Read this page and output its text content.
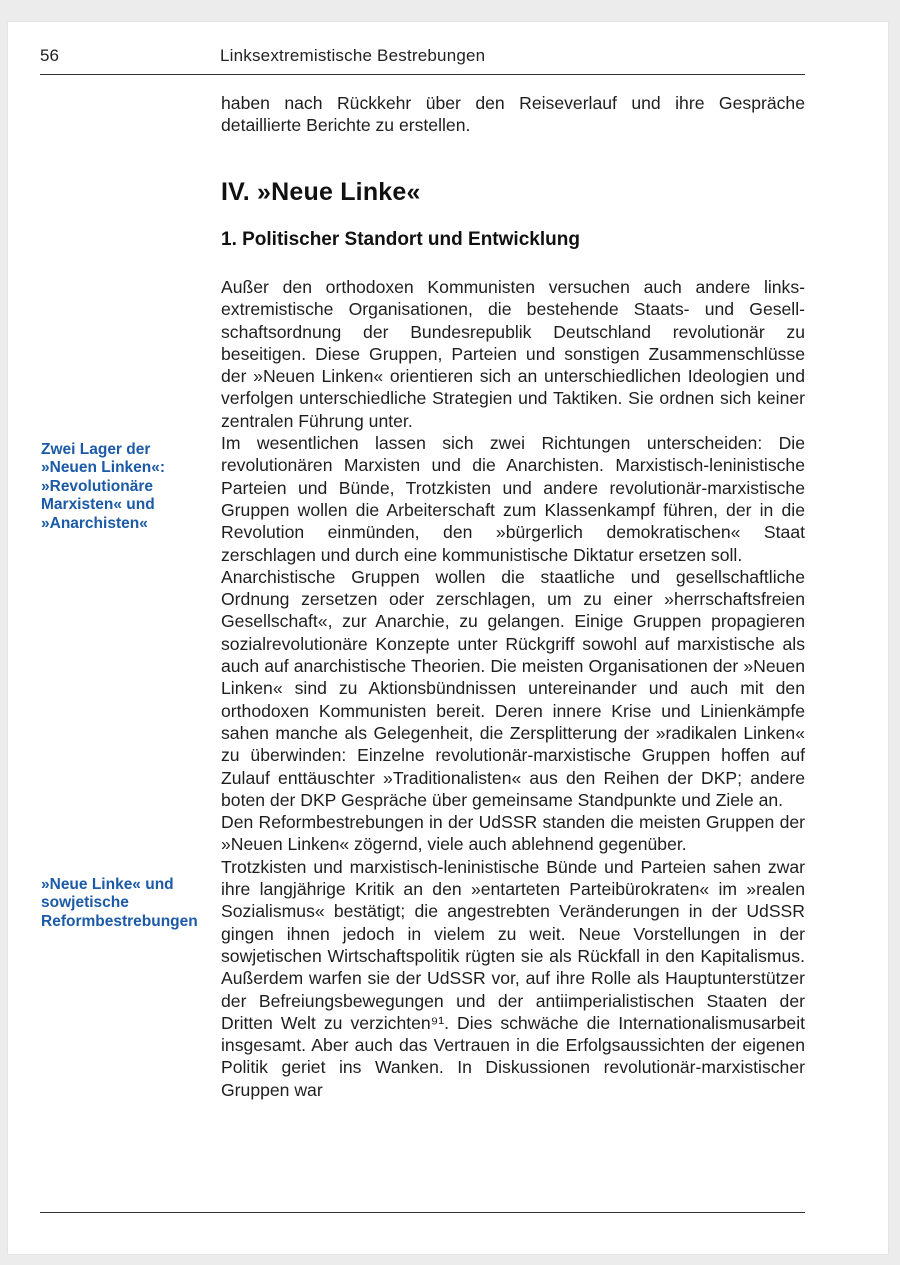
56	Linksextremistische Bestrebungen

haben nach Rückkehr über den Reiseverlauf und ihre Gespräche detaillierte Berichte zu erstellen.

IV. »Neue Linke«
1. Politischer Standort und Entwicklung

Außer den orthodoxen Kommunisten versuchen auch andere linksextremistische Organisationen, die bestehende Staats- und Gesellschaftsordnung der Bundesrepublik Deutschland revolutionär zu beseitigen. Diese Gruppen, Parteien und sonstigen Zusammenschlüsse der »Neuen Linken« orientieren sich an unterschiedlichen Ideologien und verfolgen unterschiedliche Strategien und Taktiken. Sie ordnen sich keiner zentralen Führung unter.

Im wesentlichen lassen sich zwei Richtungen unterscheiden: Die revolutionären Marxisten und die Anarchisten. Marxistisch-leninistische Parteien und Bünde, Trotzkisten und andere revolutionär-marxistische Gruppen wollen die Arbeiterschaft zum Klassenkampf führen, der in die Revolution einmünden, den »bürgerlich demokratischen« Staat zerschlagen und durch eine kommunistische Diktatur ersetzen soll.

Anarchistische Gruppen wollen die staatliche und gesellschaftliche Ordnung zersetzen oder zerschlagen, um zu einer »herrschaftsfreien Gesellschaft«, zur Anarchie, zu gelangen. Einige Gruppen propagieren sozialrevolutionäre Konzepte unter Rückgriff sowohl auf marxistische als auch auf anarchistische Theorien. Die meisten Organisationen der »Neuen Linken« sind zu Aktionsbündnissen untereinander und auch mit den orthodoxen Kommunisten bereit. Deren innere Krise und Linienkämpfe sahen manche als Gelegenheit, die Zersplitterung der »radikalen Linken« zu überwinden: Einzelne revolutionär-marxistische Gruppen hoffen auf Zulauf enttäuschter »Traditionalisten« aus den Reihen der DKP; andere boten der DKP Gespräche über gemeinsame Standpunkte und Ziele an.

Den Reformbestrebungen in der UdSSR standen die meisten Gruppen der »Neuen Linken« zögernd, viele auch ablehnend gegenüber.

Trotzkisten und marxistisch-leninistische Bünde und Parteien sahen zwar ihre langjährige Kritik an den »entarteten Parteibürokraten« im »realen Sozialismus« bestätigt; die angestrebten Veränderungen in der UdSSR gingen ihnen jedoch in vielem zu weit. Neue Vorstellungen in der sowjetischen Wirtschaftspolitik rügten sie als Rückfall in den Kapitalismus. Außerdem warfen sie der UdSSR vor, auf ihre Rolle als Hauptunterstützer der Befreiungsbewegungen und der antiimperialistischen Staaten der Dritten Welt zu verzichten⁹¹. Dies schwäche die Internationalismusarbeit insgesamt. Aber auch das Vertrauen in die Erfolgsaussichten der eigenen Politik geriet ins Wanken. In Diskussionen revolutionär-marxistischer Gruppen war

Zwei Lager der »Neuen Linken«: »Revolutionäre Marxisten« und »Anarchisten«

»Neue Linke« und sowjetische Reformbestrebungen
